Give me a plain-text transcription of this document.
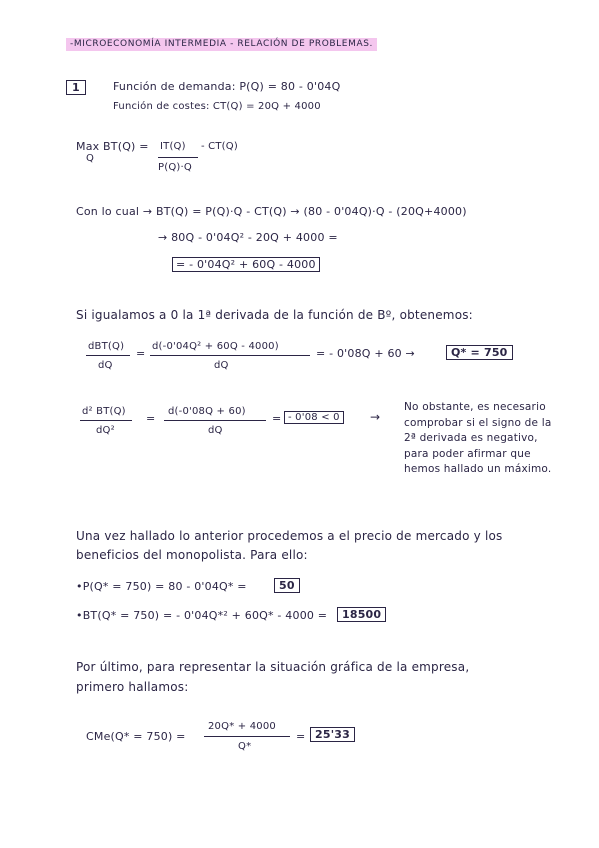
-MICROECONOMÍA INTERMEDIA - RELACIÓN DE PROBLEMAS.
1	Función de demanda: P(Q) = 80 - 0'04Q
Función de costes: CT(Q) = 20Q + 4000
Max BT(Q) =
Q
IT(Q)
P(Q)·Q
- CT(Q)
Con lo cual → BT(Q) = P(Q)·Q - CT(Q) → (80 - 0'04Q)·Q - (20Q+4000)
→ 80Q - 0'04Q² - 20Q + 4000 =
= - 0'04Q² + 60Q - 4000
Si igualamos a 0 la 1ª derivada de la función de Bº, obtenemos:
dBT(Q)
dQ
=
d(-0'04Q² + 60Q - 4000)
dQ
= - 0'08Q + 60 →	Q* = 750
d² BT(Q)
dQ²
=
d(-0'08Q + 60)
dQ
= - 0'08 < 0	→
No obstante, es necesario comprobar si el signo de la 2ª derivada es negativo, para poder afirmar que hemos hallado un máximo.
Una vez hallado lo anterior procedemos a el precio de mercado y los
beneficios del monopolista. Para ello:
•P(Q* = 750) = 80 - 0'04Q* =	50
•BT(Q* = 750) = - 0'04Q*² + 60Q* - 4000 =	18500
Por último, para representar la situación gráfica de la empresa,
primero hallamos:
CMe(Q* = 750) =
20Q* + 4000
Q*
= 25'33
